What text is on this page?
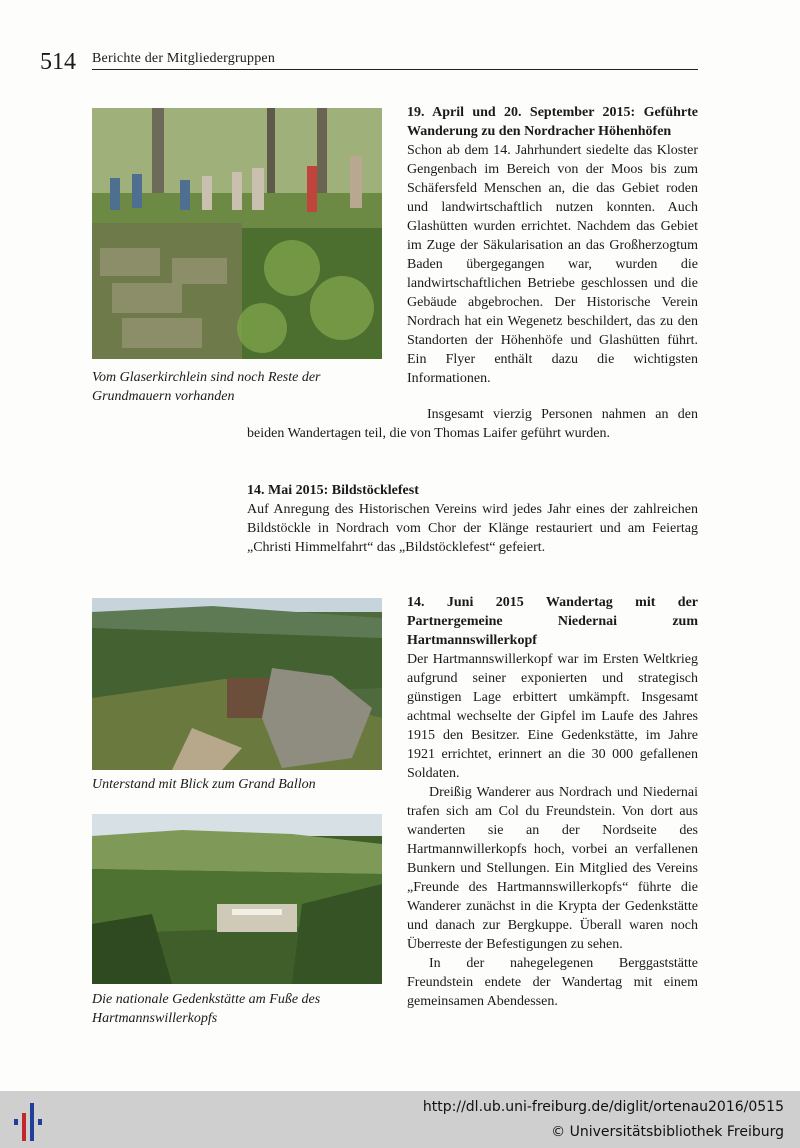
514 Berichte der Mitgliedergruppen
Vom Glaserkirchlein sind noch Reste der Grundmauern vorhanden
19. April und 20. September 2015: Geführte Wanderung zu den Nordracher Höhenhöfen

Schon ab dem 14. Jahrhundert siedelte das Kloster Gengenbach im Bereich von der Moos bis zum Schäfersfeld Menschen an, die das Gebiet roden und landwirtschaftlich nutzen konnten. Auch Glashütten wurden errichtet. Nachdem das Gebiet im Zuge der Säkularisation an das Großherzogtum Baden übergegangen war, wurden die landwirtschaftlichen Betriebe geschlossen und die Gebäude abgebrochen. Der Historische Verein Nordrach hat ein Wegenetz beschildert, das zu den Standorten der Höhenhöfe und Glashütten führt. Ein Flyer enthält dazu die wichtigsten Informationen.

Insgesamt vierzig Personen nahmen an den beiden Wandertagen teil, die von Thomas Laifer geführt wurden.

14. Mai 2015: Bildstöcklefest

Auf Anregung des Historischen Vereins wird jedes Jahr eines der zahlreichen Bildstöckle in Nordrach vom Chor der Klänge restauriert und am Feiertag „Christi Himmelfahrt“ das „Bildstöcklefest“ gefeiert.

Unterstand mit Blick zum Grand Ballon
Die nationale Gedenkstätte am Fuße des Hartmannswillerkopfs
14. Juni 2015 Wandertag mit der Partnergemeine Niedernai zum Hartmannswillerkopf

Der Hartmannswillerkopf war im Ersten Weltkrieg aufgrund seiner exponierten und strategisch günstigen Lage erbittert umkämpft. Insgesamt achtmal wechselte der Gipfel im Laufe des Jahres 1915 den Besitzer. Eine Gedenkstätte, im Jahre 1921 errichtet, erinnert an die 30 000 gefallenen Soldaten.

Dreißig Wanderer aus Nordrach und Niedernai trafen sich am Col du Freundstein. Von dort aus wanderten sie an der Nordseite des Hartmannwillerkopfs hoch, vorbei an verfallenen Bunkern und Stellungen. Ein Mitglied des Vereins „Freunde des Hartmannswillerkopfs“ führte die Wanderer zunächst in die Krypta der Gedenkstätte und danach zur Bergkuppe. Überall waren noch Überreste der Befestigungen zu sehen.

In der nahegelegenen Berggaststätte Freundstein endete der Wandertag mit einem gemeinsamen Abendessen.

http://dl.ub.uni-freiburg.de/diglit/ortenau2016/0515
© Universitätsbibliothek Freiburg
